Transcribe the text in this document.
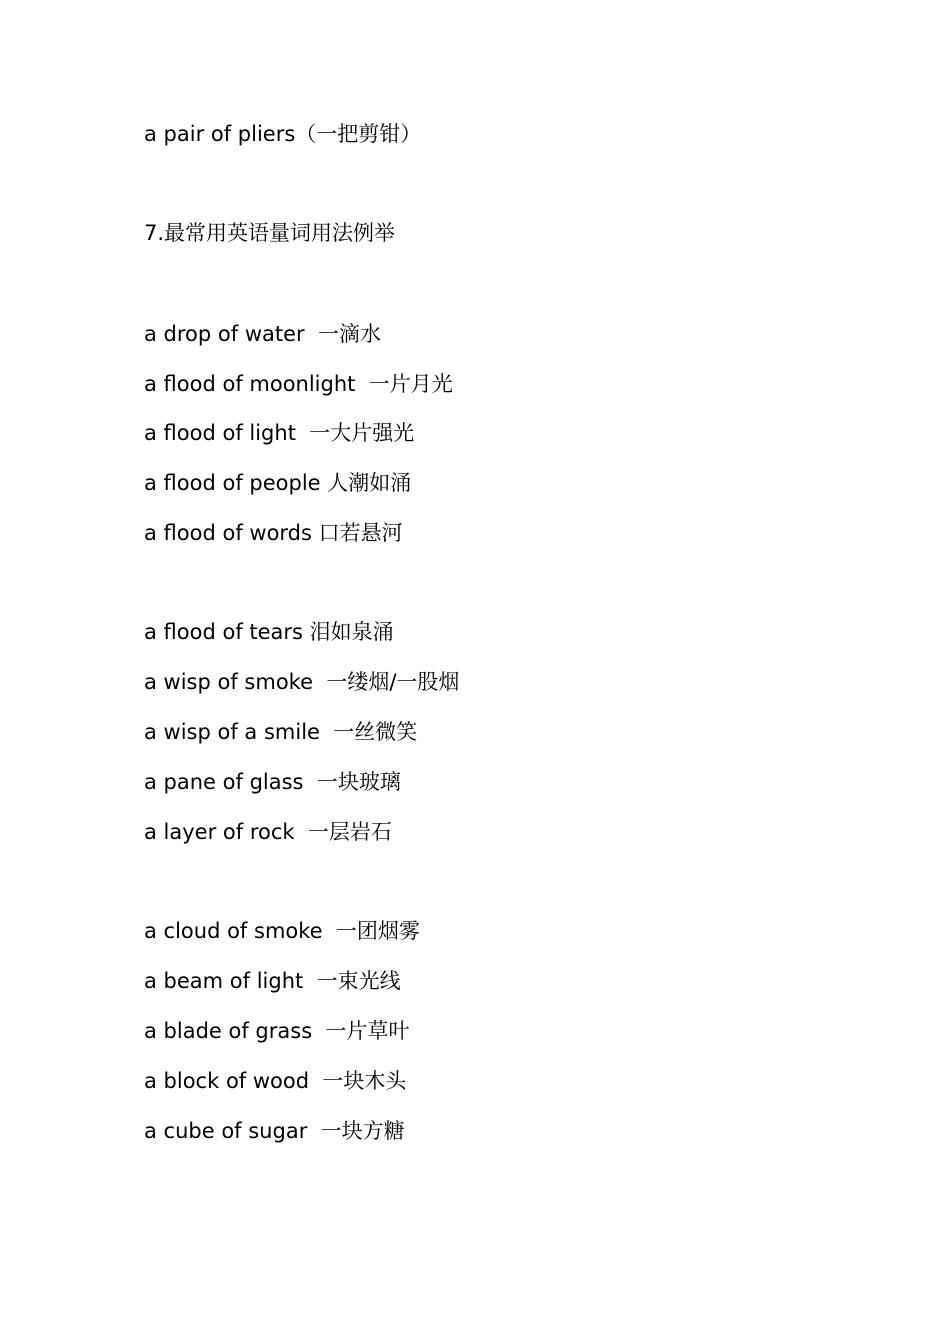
a pair of pliers（一把剪钳）
7.最常用英语量词用法例举
a drop of water  一滴水
a flood of moonlight  一片月光
a flood of light  一大片强光
a flood of people 人潮如涌
a flood of words 口若悬河
a flood of tears 泪如泉涌
a wisp of smoke  一缕烟/一股烟
a wisp of a smile  一丝微笑
a pane of glass  一块玻璃
a layer of rock  一层岩石
a cloud of smoke  一团烟雾
a beam of light  一束光线
a blade of grass  一片草叶
a block of wood  一块木头
a cube of sugar  一块方糖
